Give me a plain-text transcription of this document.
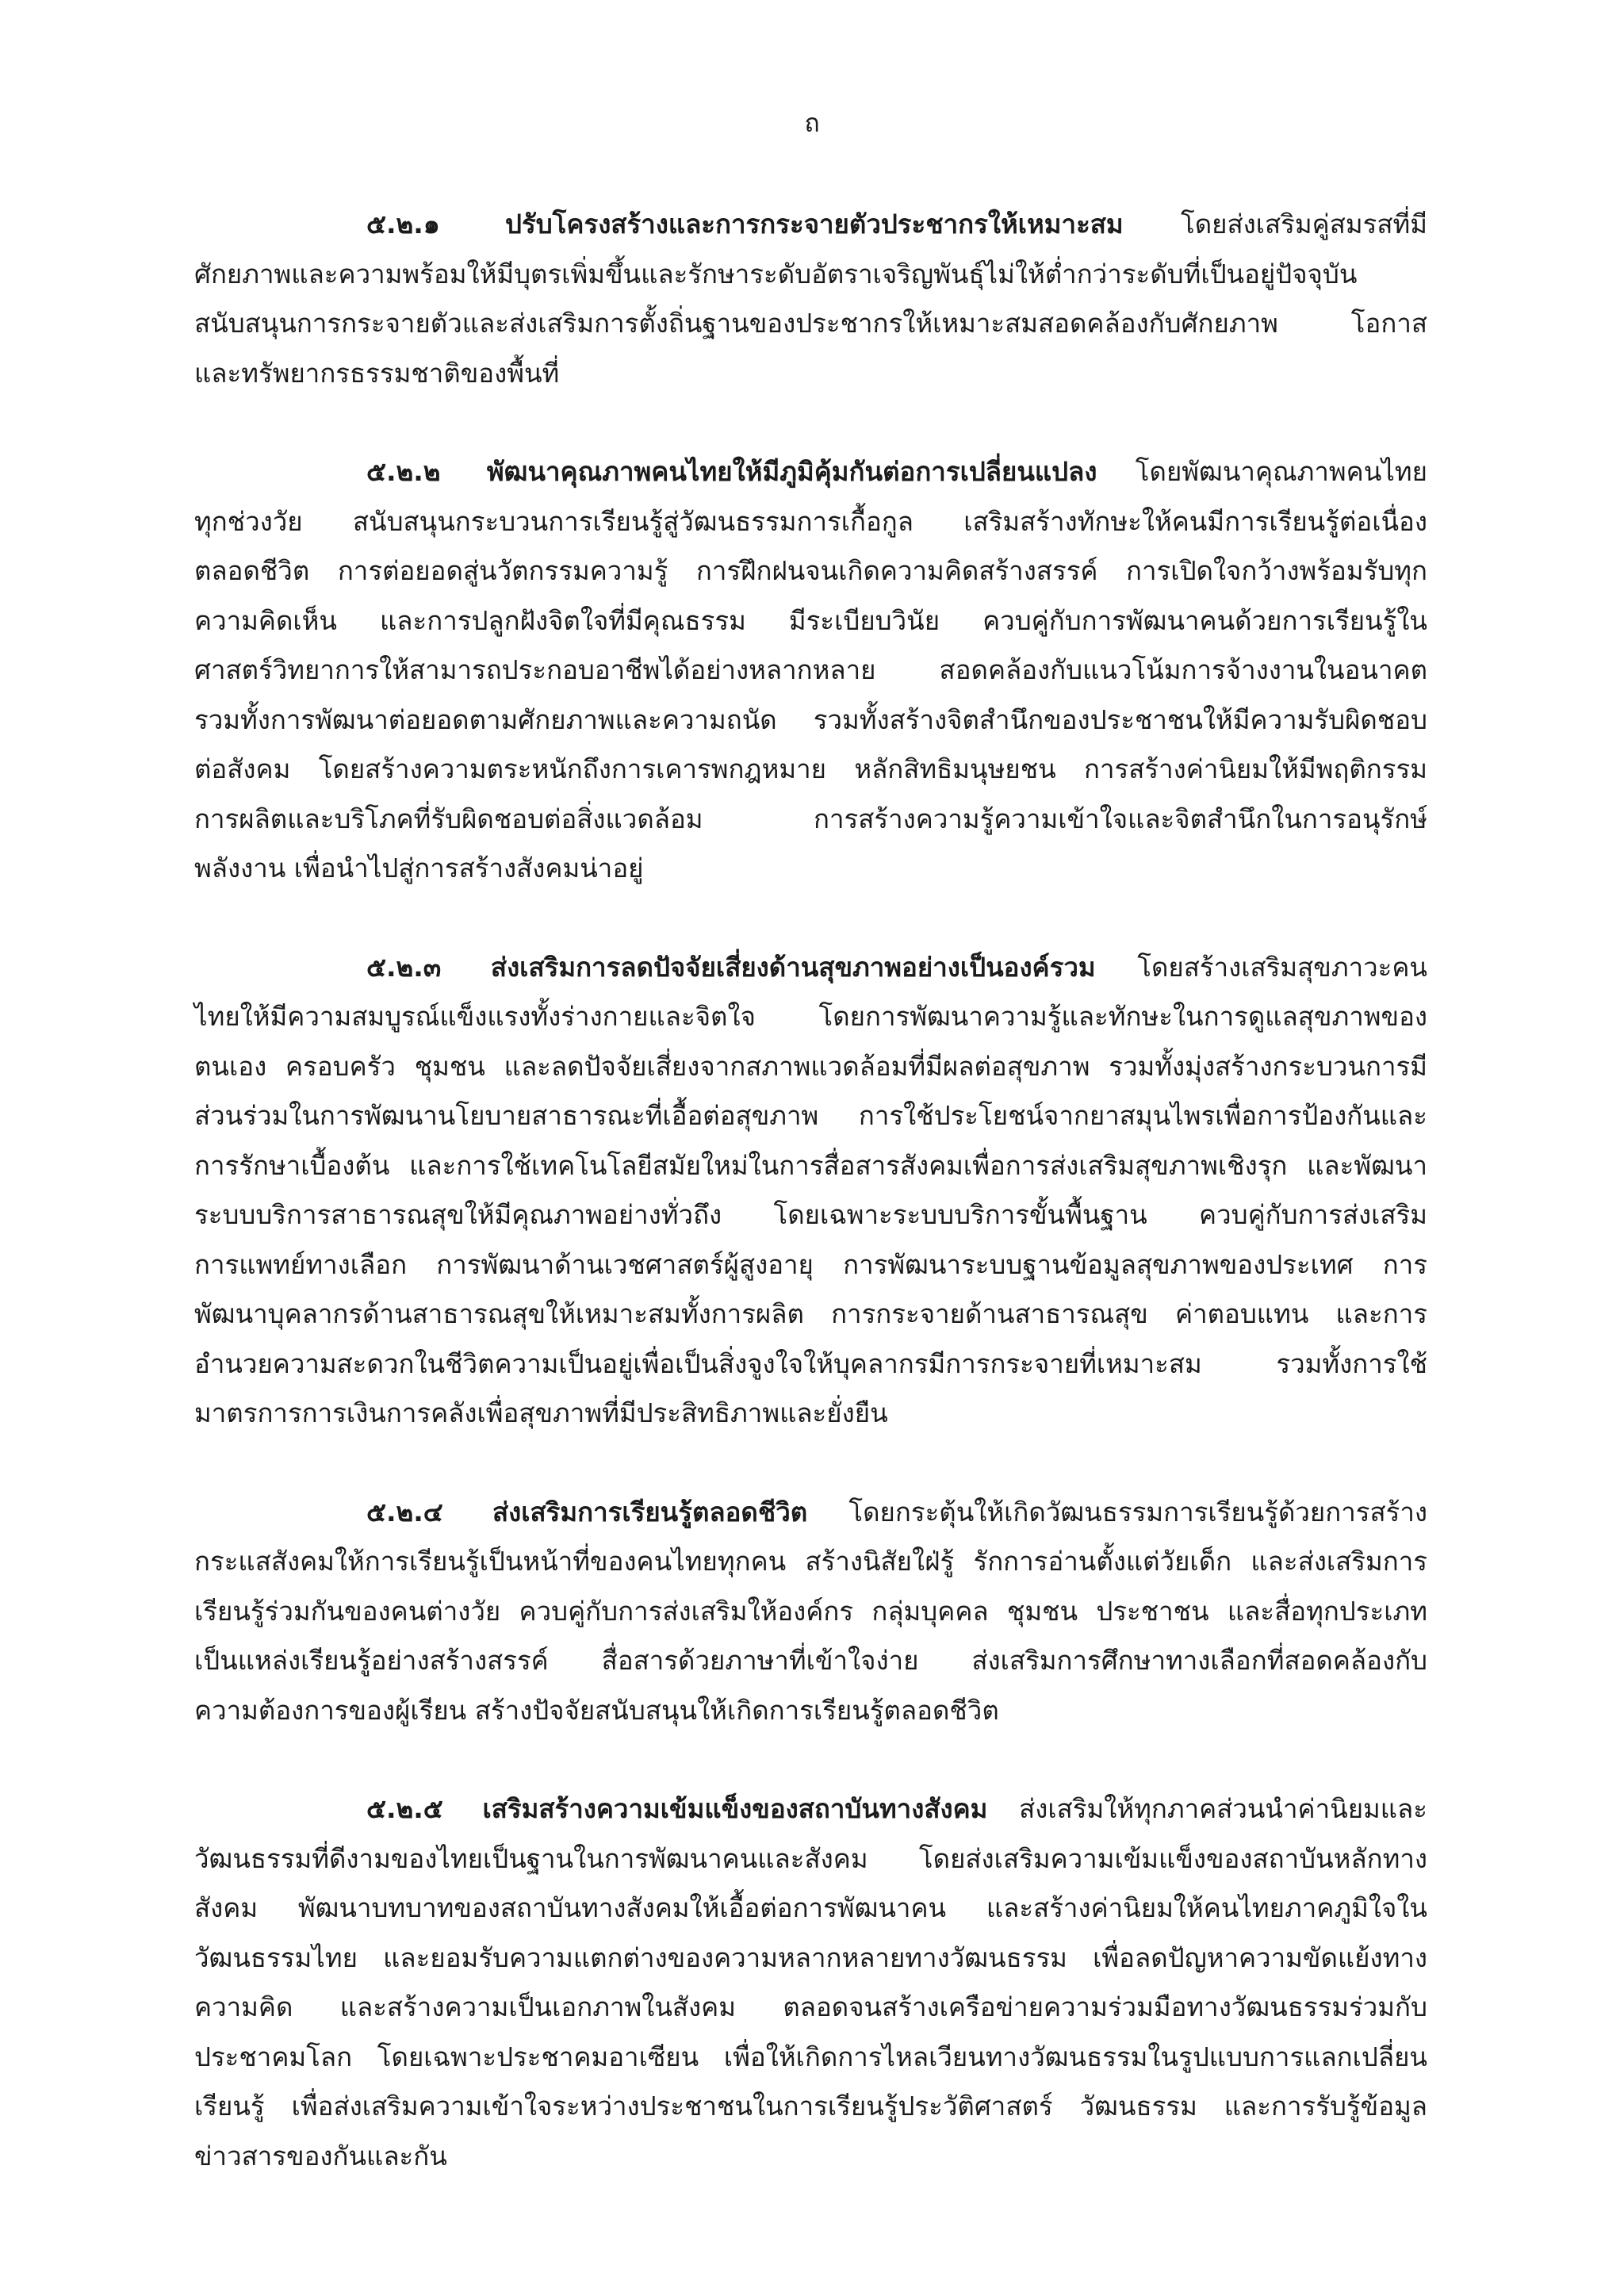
ถ
๕.๒.๑ ปรับโครงสร้างและการกระจายตัวประชากรให้เหมาะสม โดยส่งเสริมคู่สมรสที่มี
ศักยภาพและความพร้อมให้มีบุตรเพิ่มขึ้นและรักษาระดับอัตราเจริญพันธุ์ไม่ให้ต่ำกว่าระดับที่เป็นอยู่ปัจจุบัน
สนับสนุนการกระจายตัวและส่งเสริมการตั้งถิ่นฐานของประชากรให้เหมาะสมสอดคล้องกับศักยภาพ โอกาส
และทรัพยากรธรรมชาติของพื้นที่
๕.๒.๒ พัฒนาคุณภาพคนไทยให้มีภูมิคุ้มกันต่อการเปลี่ยนแปลง โดยพัฒนาคุณภาพคนไทย
ทุกช่วงวัย สนับสนุนกระบวนการเรียนรู้สู่วัฒนธรรมการเกื้อกูล เสริมสร้างทักษะให้คนมีการเรียนรู้ต่อเนื่อง
ตลอดชีวิต การต่อยอดสู่นวัตกรรมความรู้ การฝึกฝนจนเกิดความคิดสร้างสรรค์ การเปิดใจกว้างพร้อมรับทุก
ความคิดเห็น และการปลูกฝังจิตใจที่มีคุณธรรม มีระเบียบวินัย ควบคู่กับการพัฒนาคนด้วยการเรียนรู้ใน
ศาสตร์วิทยาการให้สามารถประกอบอาชีพได้อย่างหลากหลาย สอดคล้องกับแนวโน้มการจ้างงานในอนาคต
รวมทั้งการพัฒนาต่อยอดตามศักยภาพและความถนัด รวมทั้งสร้างจิตสำนึกของประชาชนให้มีความรับผิดชอบ
ต่อสังคม โดยสร้างความตระหนักถึงการเคารพกฎหมาย หลักสิทธิมนุษยชน การสร้างค่านิยมให้มีพฤติกรรม
การผลิตและบริโภคที่รับผิดชอบต่อสิ่งแวดล้อม การสร้างความรู้ความเข้าใจและจิตสำนึกในการอนุรักษ์
พลังงาน เพื่อนำไปสู่การสร้างสังคมน่าอยู่
๕.๒.๓ ส่งเสริมการลดปัจจัยเสี่ยงด้านสุขภาพอย่างเป็นองค์รวม โดยสร้างเสริมสุขภาวะคน
ไทยให้มีความสมบูรณ์แข็งแรงทั้งร่างกายและจิตใจ โดยการพัฒนาความรู้และทักษะในการดูแลสุขภาพของ
ตนเอง ครอบครัว ชุมชน และลดปัจจัยเสี่ยงจากสภาพแวดล้อมที่มีผลต่อสุขภาพ รวมทั้งมุ่งสร้างกระบวนการมี
ส่วนร่วมในการพัฒนานโยบายสาธารณะที่เอื้อต่อสุขภาพ การใช้ประโยชน์จากยาสมุนไพรเพื่อการป้องกันและ
การรักษาเบื้องต้น และการใช้เทคโนโลยีสมัยใหม่ในการสื่อสารสังคมเพื่อการส่งเสริมสุขภาพเชิงรุก และพัฒนา
ระบบบริการสาธารณสุขให้มีคุณภาพอย่างทั่วถึง โดยเฉพาะระบบบริการขั้นพื้นฐาน ควบคู่กับการส่งเสริม
การแพทย์ทางเลือก การพัฒนาด้านเวชศาสตร์ผู้สูงอายุ การพัฒนาระบบฐานข้อมูลสุขภาพของประเทศ การ
พัฒนาบุคลากรด้านสาธารณสุขให้เหมาะสมทั้งการผลิต การกระจายด้านสาธารณสุข ค่าตอบแทน และการ
อำนวยความสะดวกในชีวิตความเป็นอยู่เพื่อเป็นสิ่งจูงใจให้บุคลากรมีการกระจายที่เหมาะสม รวมทั้งการใช้
มาตรการการเงินการคลังเพื่อสุขภาพที่มีประสิทธิภาพและยั่งยืน
๕.๒.๔ ส่งเสริมการเรียนรู้ตลอดชีวิต โดยกระตุ้นให้เกิดวัฒนธรรมการเรียนรู้ด้วยการสร้าง
กระแสสังคมให้การเรียนรู้เป็นหน้าที่ของคนไทยทุกคน สร้างนิสัยใฝ่รู้ รักการอ่านตั้งแต่วัยเด็ก และส่งเสริมการ
เรียนรู้ร่วมกันของคนต่างวัย ควบคู่กับการส่งเสริมให้องค์กร กลุ่มบุคคล ชุมชน ประชาชน และสื่อทุกประเภท
เป็นแหล่งเรียนรู้อย่างสร้างสรรค์ สื่อสารด้วยภาษาที่เข้าใจง่าย ส่งเสริมการศึกษาทางเลือกที่สอดคล้องกับ
ความต้องการของผู้เรียน สร้างปัจจัยสนับสนุนให้เกิดการเรียนรู้ตลอดชีวิต
๕.๒.๕ เสริมสร้างความเข้มแข็งของสถาบันทางสังคม ส่งเสริมให้ทุกภาคส่วนนำค่านิยมและ
วัฒนธรรมที่ดีงามของไทยเป็นฐานในการพัฒนาคนและสังคม โดยส่งเสริมความเข้มแข็งของสถาบันหลักทาง
สังคม พัฒนาบทบาทของสถาบันทางสังคมให้เอื้อต่อการพัฒนาคน และสร้างค่านิยมให้คนไทยภาคภูมิใจใน
วัฒนธรรมไทย และยอมรับความแตกต่างของความหลากหลายทางวัฒนธรรม เพื่อลดปัญหาความขัดแย้งทาง
ความคิด และสร้างความเป็นเอกภาพในสังคม ตลอดจนสร้างเครือข่ายความร่วมมือทางวัฒนธรรมร่วมกับ
ประชาคมโลก โดยเฉพาะประชาคมอาเซียน เพื่อให้เกิดการไหลเวียนทางวัฒนธรรมในรูปแบบการแลกเปลี่ยน
เรียนรู้ เพื่อส่งเสริมความเข้าใจระหว่างประชาชนในการเรียนรู้ประวัติศาสตร์ วัฒนธรรม และการรับรู้ข้อมูล
ข่าวสารของกันและกัน
